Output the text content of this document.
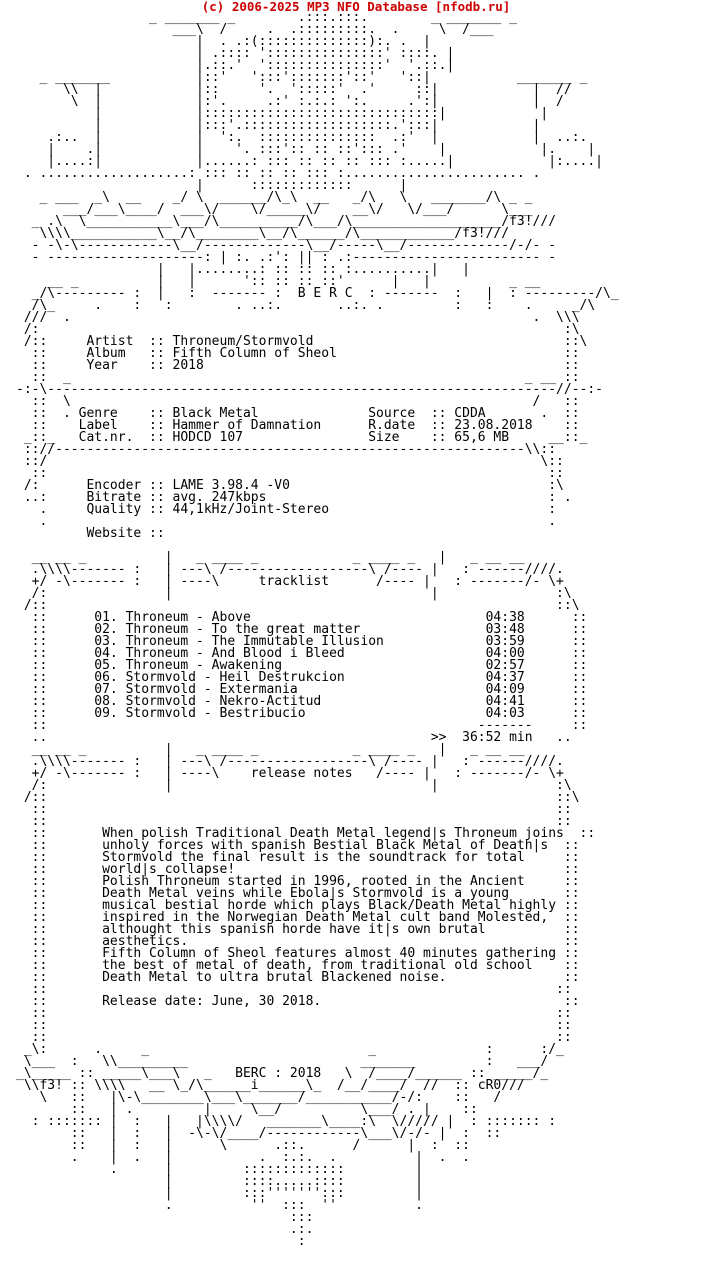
(c) 2006-2025 MP3 NFO Database [nfodb.ru]
_ _______ _        .:::.:::.        _ _______ _
___\  /     .  .:::::::::.  .     \  /___
|  . .:(::::::::::::::):. .  |
| .:::: ':::::::::::::::' ::::. |
|.::.'  ':::::::::::::::'  '.::.|
_ _______           |::'   ':::':::::::'::'   '::|           _______ _
\\  |            |::     '.  ':::::'  .'     ::|            |  //
\  |            |:'.     .:' :.:.: ':.     .':|            |  /
|            |::::::::::::::::::::::::::::::|            |
|            |:::'.:::::::::::::::::::.':::|            |
.:..  |            |  ':.  :::::::::::::::  .:'  |            |  ..:.
|    .|            |    '. :::':: :: ::'::: .'    |            |.    |
|....:|            |......: ::: :: :: :: ::: :.....|            |:....|
. ...................: ::: :: :: :: ::: :....................... .
|      :::::::::::::      |
_ ___  _\  __    _/ \  ______/\_\  __   _/\   \   _______/\ _ _
___/___\____/  ___\/    \/_____\/    __\/   \/___/      \___
_ .\  \___________\___/\__________/\___/\___________________/f3!///
\\\\___________\__/\________\__/\______/\____________/f3!///
- -\-\------------\__/-------------\__/-----\__/-------------/-/- -
- --------------------: | :. .:': || : .:------------------------ -
|   |........: :: :: :: :..........|   |
__ _          |   |      ':: :: :: ::'      |   |          _ __
_/\--------- :  |   :  ------- :  B E R C  : -------  :   |  : ---------/\_
/\_     .    :   :        . ..:.       ..:. .         :   :    .     _/\
///  .                                                           .  \\\
/:                                                                   :\
/::     Artist  :: Throneum/Stormvold                                ::\
::     Album   :: Fifth Column of Sheol                             ::
::     Year    :: 2018                                              ::
::  _                                                          _ __ ::
-:-\-----------------------------------------------------------------//--:-
::  \                                                           /   ::
::  . Genre    :: Black Metal              Source  :: CDDA       .  ::
::    Label    :: Hammer of Damnation      R.date  :: 23.08.2018    ::
_::_   Cat.nr.  :: HODCD 107                Size    :: 65,6 MB     __::_
:://------------------------------------------------------------\\::
::/                                                               \::
::                                                                ::
/:      Encoder :: LAME 3.98.4 -V0                                 :\
..:     Bitrate :: avg. 247kbps                                    : .
.     Quality :: 44,1kHz/Joint-Stereo                            :
.                                                                .
Website ::
__ __ _          |   _ ____ _            _ ____ _   |   _ __ __
.\\\\------- :   | ---\ /------------------\ /---- |   : ------////.
+/ -\------- :   | ----\     tracklist      /---- |   : -------/- \+
/:               |                                 |               :\
/::                                                                 ::\
::      01. Throneum - Above                              04:38      ::
::      02. Throneum - To the great matter                03:48      ::
::      03. Throneum - The Immutable Illusion             03:59      ::
::      04. Throneum - And Blood i Bleed                  04:00      ::
::      05. Throneum - Awakening                          02:57      ::
::      06. Stormvold - Heil Destrukcion                  04:37      ::
::      07. Stormvold - Extermania                        04:09      ::
::      08. Stormvold - Nekro-Actitud                     04:41      ::
::      09. Stormvold - Bestribucio                       04:03      ::
::                                                       -------     ::
..                                                 >>  36:52 min   ..
__ __ _          |   _ ____ _            _ ____ _   |   _ __ __
.\\\\------- :   | ---\ /------------------\ /---- |   : ------////.
+/ -\------- :   | ----\    release notes   /---- |   : -------/- \+
/:               |                                 |               :\
/::                                                                 ::\
::                                                                 ::
::                                                                 ::
::       When polish Traditional Death Metal legend|s Throneum joins  ::
::       unholy forces with spanish Bestial Black Metal of Death|s  ::
::       Stormvold the final result is the soundtrack for total     ::
::       world|s collapse!                                          ::
::       Polish Throneum started in 1996, rooted in the Ancient     ::
::       Death Metal veins while Ebola|s Stormvold is a young       ::
::       musical bestial horde which plays Black/Death Metal highly ::
::       inspired in the Norwegian Death Metal cult band Molested,  ::
::       althought this spanish horde have it|s own brutal          ::
::       aesthetics.                                                ::
::       Fifth Column of Sheol features almost 40 minutes gathering ::
::       the best of metal of death, from traditional old school    ::
::       Death Metal to ultra brutal Blackened noise.               ::
::                                                                 ::
::       Release date: June, 30 2018.                               ::
::                                                                 ::
::                                                                 ::
::                                                                 ::
_\:      .     _                            _              :      :/_
\___  :   \\_________                      _______         :   ___/
_\_____ :: _____\___\   _   BERC : 2018   \  /____/______ :: _____/_
\\f3! :: \\\\   __ \_/\______i______\_  /__/____/  //  :: cR0///
\   ::   |\-\________\___\_______/___________/-/:    ::   /
::   | .         |     \__/          \___/ . |    ::
: ::::::: |  :   |   |\\\\/   _______\____:\  \///// |  : ::::::: :
::   |  :   |  -\-\/____/------------\___\/-/- |  :  ::
::   |  :   |      \      .::.      /      |  :  ::
.    |  .   |           .  :.:.  .          |  .  .
.      |         :::::::::::::         |
|         ::::.....::::         |
|         :::''''''':::         |
.          ''  :::  ''          .
:::
.:.
:
